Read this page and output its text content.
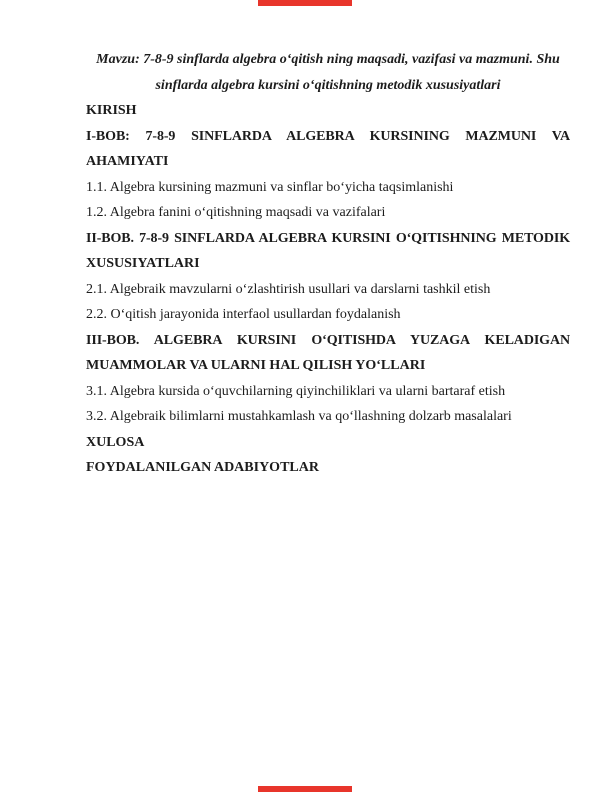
Mavzu: 7-8-9 sinflarda algebra o‘qitish ning maqsadi, vazifasi va mazmuni. Shu
sinflarda algebra kursini o‘qitishning metodik xususiyatlari
KIRISH
I-BOB: 7-8-9 SINFLARDA ALGEBRA KURSINING MAZMUNI VA
AHAMIYATI
1.1. Algebra kursining mazmuni va sinflar bo‘yicha taqsimlanishi
1.2. Algebra fanini o‘qitishning maqsadi va vazifalari
II-BOB. 7-8-9 SINFLARDA ALGEBRA KURSINI O‘QITISHNING METODIK
XUSUSIYATLARI
2.1. Algebraik mavzularni o‘zlashtirish usullari va darslarni tashkil etish
2.2. O‘qitish jarayonida interfaol usullardan foydalanish
III-BOB. ALGEBRA KURSINI O‘QITISHDA YUZAGA KELADIGAN
MUAMMOLAR VA ULARNI HAL QILISH YO‘LLARI
3.1. Algebra kursida o‘quvchilarning qiyinchiliklari va ularni bartaraf etish
3.2. Algebraik bilimlarni mustahkamlash va qo‘llashning dolzarb masalalari
XULOSA
FOYDALANILGAN ADABIYOTLAR
